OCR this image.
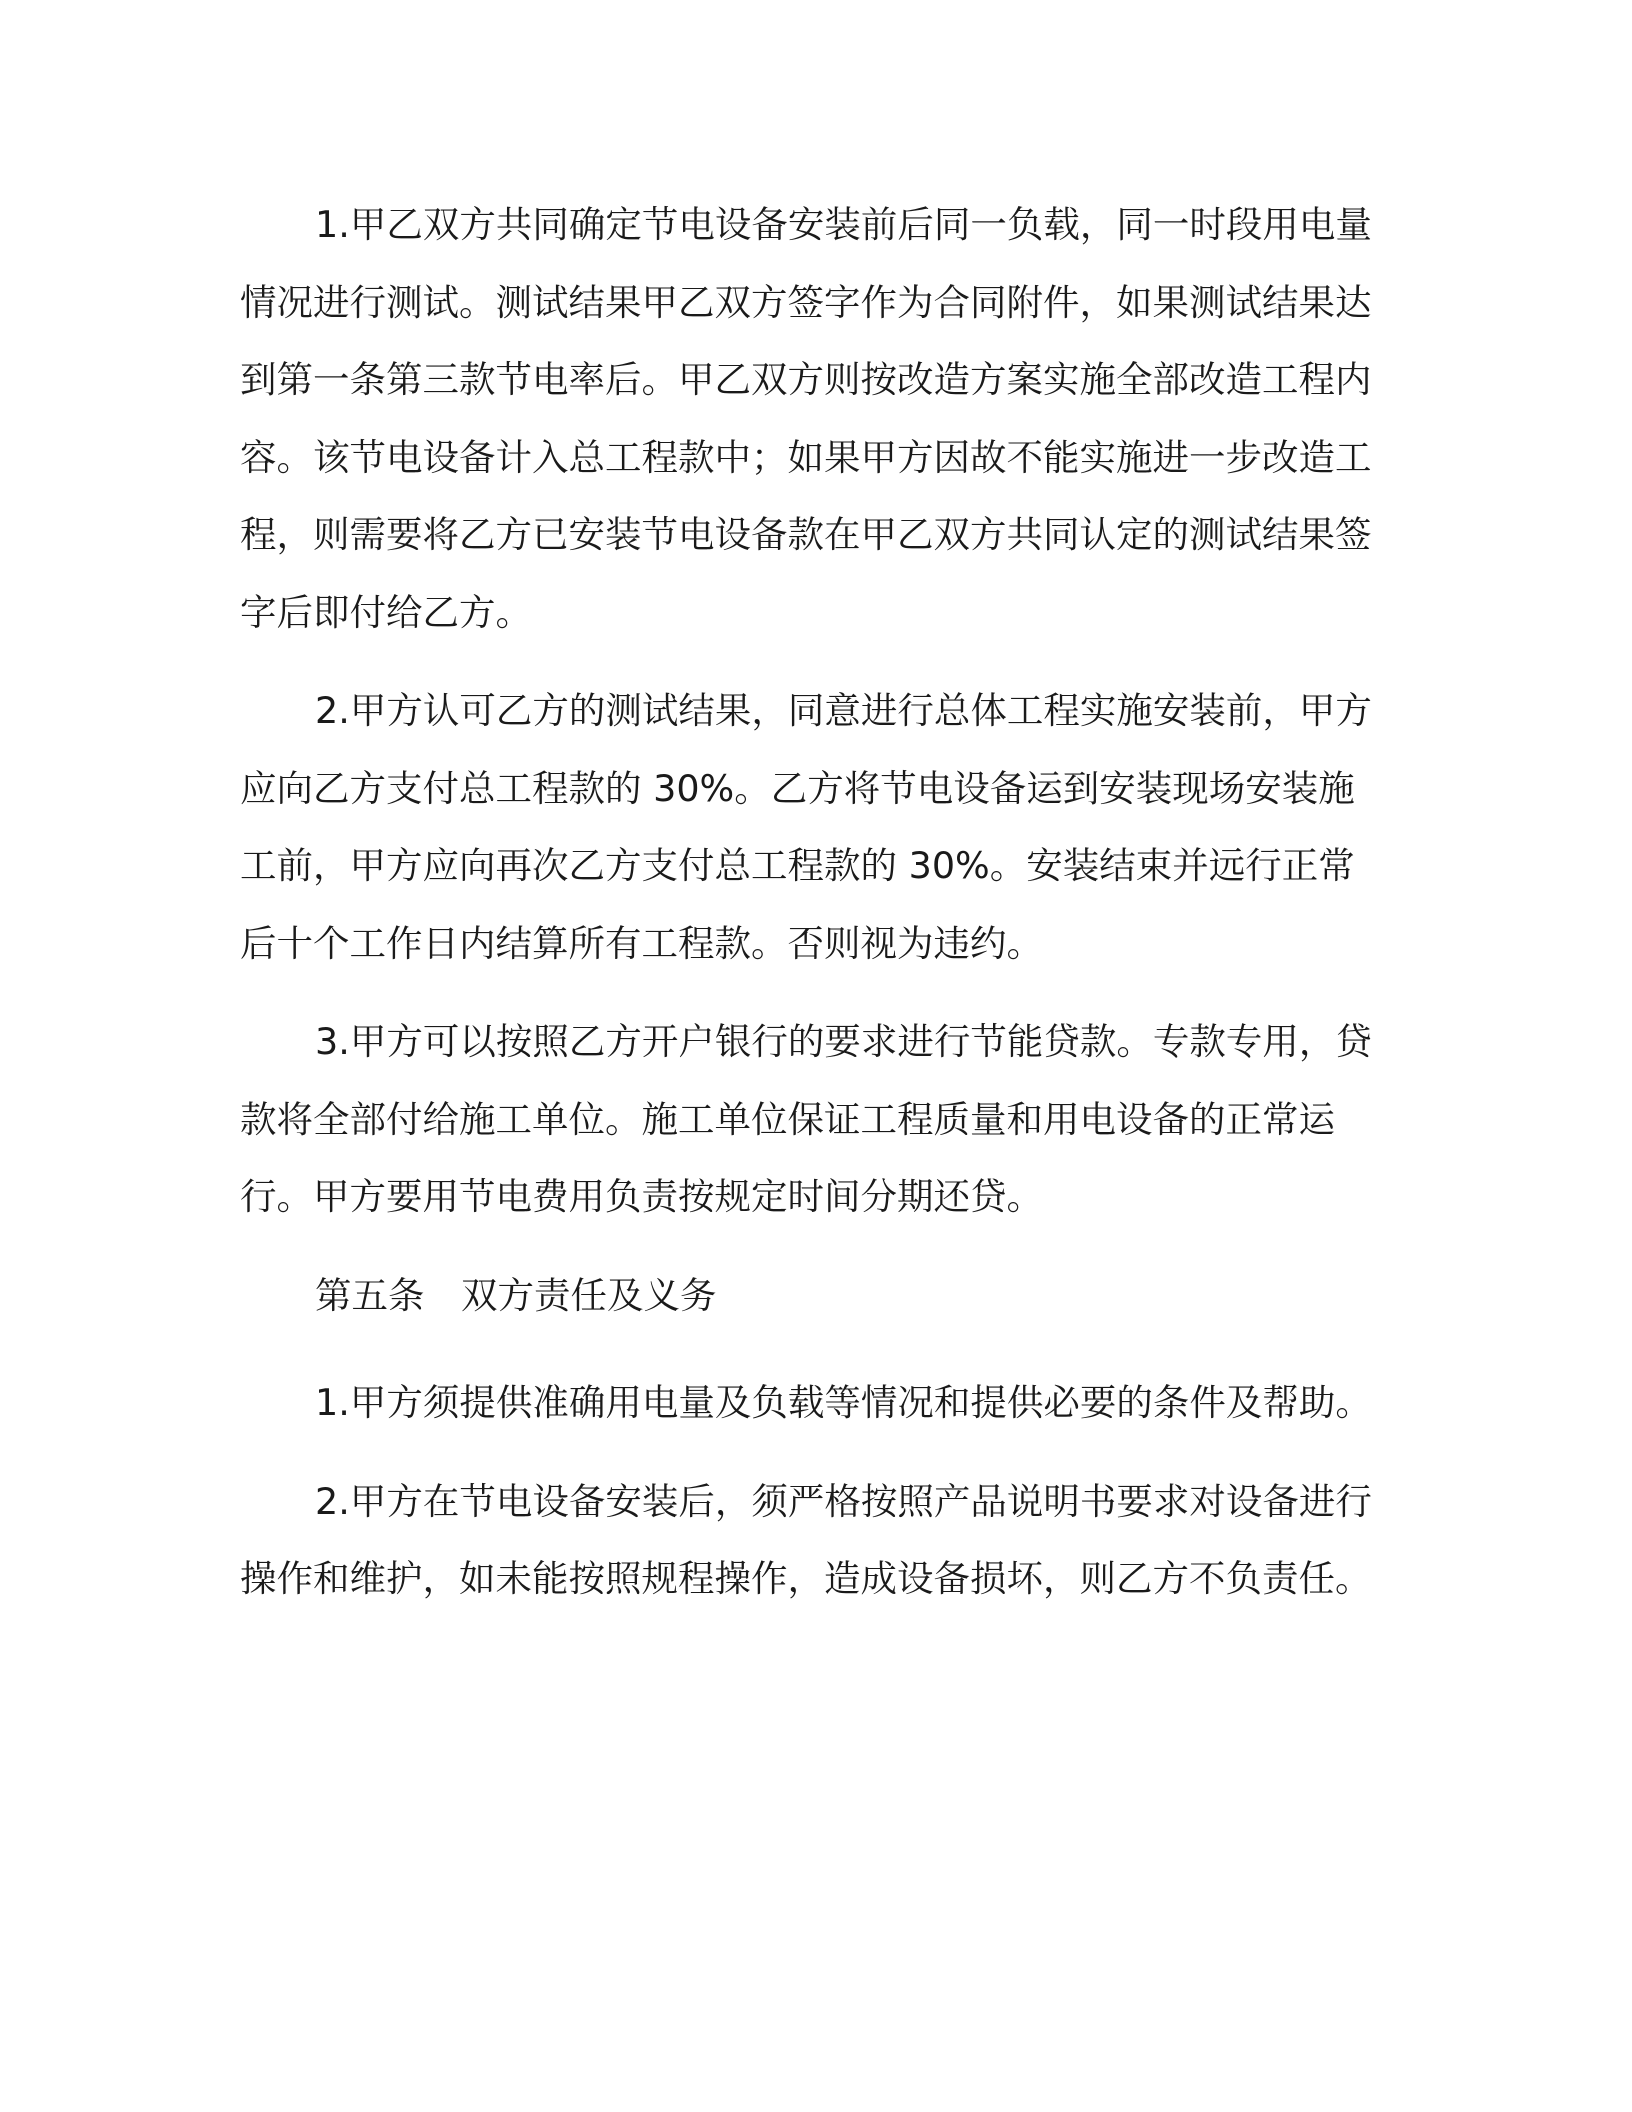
1.甲乙双方共同确定节电设备安装前后同一负载，同一时段用电量情况进行测试。测试结果甲乙双方签字作为合同附件，如果测试结果达到第一条第三款节电率后。甲乙双方则按改造方案实施全部改造工程内容。该节电设备计入总工程款中；如果甲方因故不能实施进一步改造工程，则需要将乙方已安装节电设备款在甲乙双方共同认定的测试结果签字后即付给乙方。

2.甲方认可乙方的测试结果，同意进行总体工程实施安装前，甲方应向乙方支付总工程款的 30%。乙方将节电设备运到安装现场安装施工前，甲方应向再次乙方支付总工程款的 30%。安装结束并远行正常后十个工作日内结算所有工程款。否则视为违约。

3.甲方可以按照乙方开户银行的要求进行节能贷款。专款专用，贷款将全部付给施工单位。施工单位保证工程质量和用电设备的正常运行。甲方要用节电费用负责按规定时间分期还贷。

第五条　双方责任及义务

1.甲方须提供准确用电量及负载等情况和提供必要的条件及帮助。

2.甲方在节电设备安装后，须严格按照产品说明书要求对设备进行操作和维护，如未能按照规程操作，造成设备损坏，则乙方不负责任。
